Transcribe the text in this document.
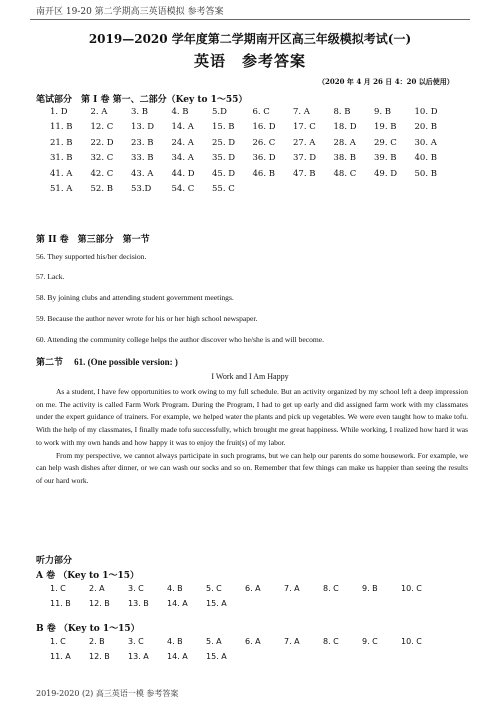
南开区 19-20 第二学期高三英语模拟 参考答案
2019—2020 学年度第二学期南开区高三年级模拟考试(一)
英语　参考答案
（2020 年 4 月 26 日 4：20 以后使用）
笔试部分　第 I 卷 第一、二部分（Key to 1～55）
1. D	2. A	3. B	4. B	5.D	6. C	7. A	8. B	9. B	10. D
11. B	12. C	13. D	14. A	15. B	16. D	17. C	18. D	19. B	20. B
21. B	22. D	23. B	24. A	25. D	26. C	27. A	28. A	29. C	30. A
31. B	32. C	33. B	34. A	35. D	36. D	37. D	38. B	39. B	40. B
41. A	42. C	43. A	44. D	45. D	46. B	47. B	48. C	49. D	50. B
51. A	52. B	53.D	54. C	55. C					
第 II 卷　第三部分　第一节
56. They supported his/her decision.
57. Lack.
58. By joining clubs and attending student government meetings.
59. Because the author never wrote for his or her high school newspaper.
60. Attending the community college helps the author discover who he/she is and will become.
第二节 61. (One possible version: )
I Work and I Am Happy

As a student, I have few opportunities to work owing to my full schedule. But an activity organized by my school left a deep impression on me. The activity is called Farm Work Program. During the Program, I had to get up early and did assigned farm work with my classmates under the expert guidance of trainers. For example, we helped water the plants and pick up vegetables. We were even taught how to make tofu. With the help of my classmates, I finally made tofu successfully, which brought me great happiness. While working, I realized how hard it was to work with my own hands and how happy it was to enjoy the fruit(s) of my labor.

From my perspective, we cannot always participate in such programs, but we can help our parents do some housework. For example, we can help wash dishes after dinner, or we can wash our socks and so on. Remember that few things can make us happier than seeing the results of our hard work.

听力部分
A 卷 （Key to 1～15）
1. C	2. A	3. C	4. B	5. C	6. A	7. A	8. C	9. B	10. C
11. B	12. B	13. B	14. A	15. A					
B 卷 （Key to 1～15）
1. C	2. B	3. C	4. B	5. A	6. A	7. A	8. C	9. C	10. C
11. A	12. B	13. A	14. A	15. A					
2019-2020 (2) 高三英语一模 参考答案
